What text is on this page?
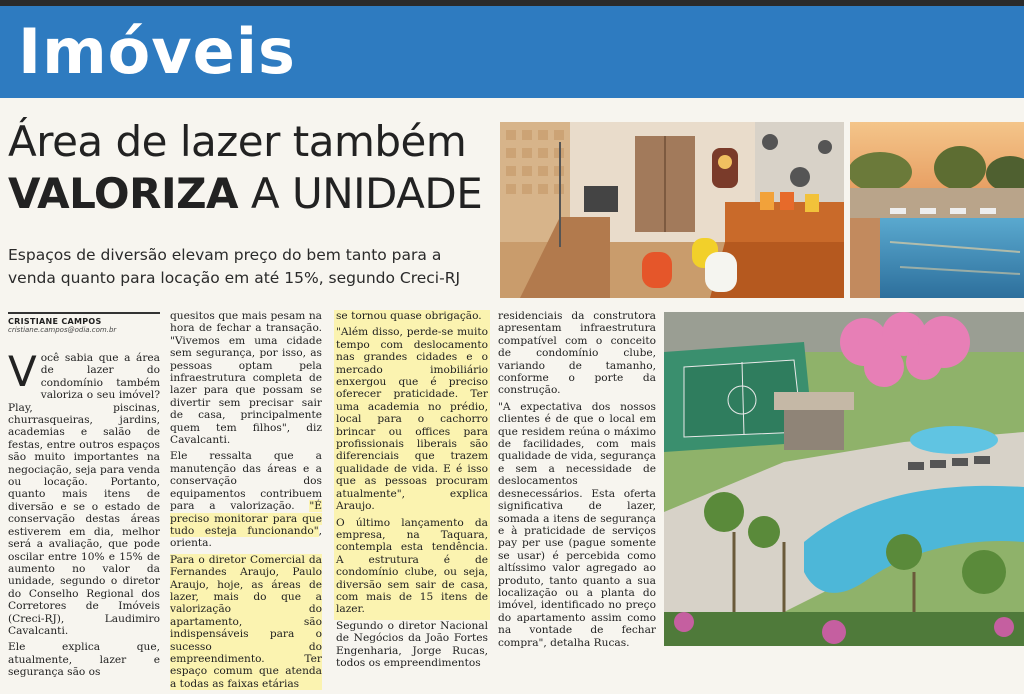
Imóveis
Área de lazer também
VALORIZA A UNIDADE
Espaços de diversão elevam preço do bem tanto para a venda quanto para locação em até 15%, segundo Creci-RJ
CRISTIANE CAMPOS
cristiane.campos@odia.com.br

Você sabia que a área de lazer do condomínio também valoriza o seu imóvel? Play, piscinas, churrasqueiras, jardins, academias e salão de festas, entre outros espaços são muito importantes na negociação, seja para venda ou locação. Portanto, quanto mais itens de diversão e se o estado de conservação destas áreas estiverem em dia, melhor será a avaliação, que pode oscilar entre 10% e 15% de aumento no valor da unidade, segundo o diretor do Conselho Regional dos Corretores de Imóveis (Creci-RJ), Laudimiro Cavalcanti.

Ele explica que, atualmente, lazer e segurança são os

quesitos que mais pesam na hora de fechar a transação. "Vivemos em uma cidade sem segurança, por isso, as pessoas optam pela infraestrutura completa de lazer para que possam se divertir sem precisar sair de casa, principalmente quem tem filhos", diz Cavalcanti.

Ele ressalta que a manutenção das áreas e a conservação dos equipamentos contribuem para a valorização. "É preciso monitorar para que tudo esteja funcionando", orienta.

Para o diretor Comercial da Fernandes Araujo, Paulo Araujo, hoje, as áreas de lazer, mais do que a valorização do apartamento, são indispensáveis para o sucesso do empreendimento. Ter espaço comum que atenda a todas as faixas etárias

se tornou quase obrigação.

"Além disso, perde-se muito tempo com deslocamento nas grandes cidades e o mercado imobiliário enxergou que é preciso oferecer praticidade. Ter uma academia no prédio, local para o cachorro brincar ou offices para profissionais liberais são diferenciais que trazem qualidade de vida. E é isso que as pessoas procuram atualmente", explica Araujo.

O último lançamento da empresa, na Taquara, contempla esta tendência. A estrutura é de condomínio clube, ou seja, diversão sem sair de casa, com mais de 15 itens de lazer.

Segundo o diretor Nacional de Negócios da João Fortes Engenharia, Jorge Rucas, todos os empreendimentos

residenciais da construtora apresentam infraestrutura compatível com o conceito de condomínio clube, variando de tamanho, conforme o porte da construção.

"A expectativa dos nossos clientes é de que o local em que residem reúna o máximo de facilidades, com mais qualidade de vida, segurança e sem a necessidade de deslocamentos desnecessários. Esta oferta significativa de lazer, somada a itens de segurança e à praticidade de serviços pay per use (pague somente se usar) é percebida como altíssimo valor agregado ao produto, tanto quanto a sua localização ou a planta do imóvel, identificado no preço do apartamento assim como na vontade de fechar compra", detalha Rucas.
